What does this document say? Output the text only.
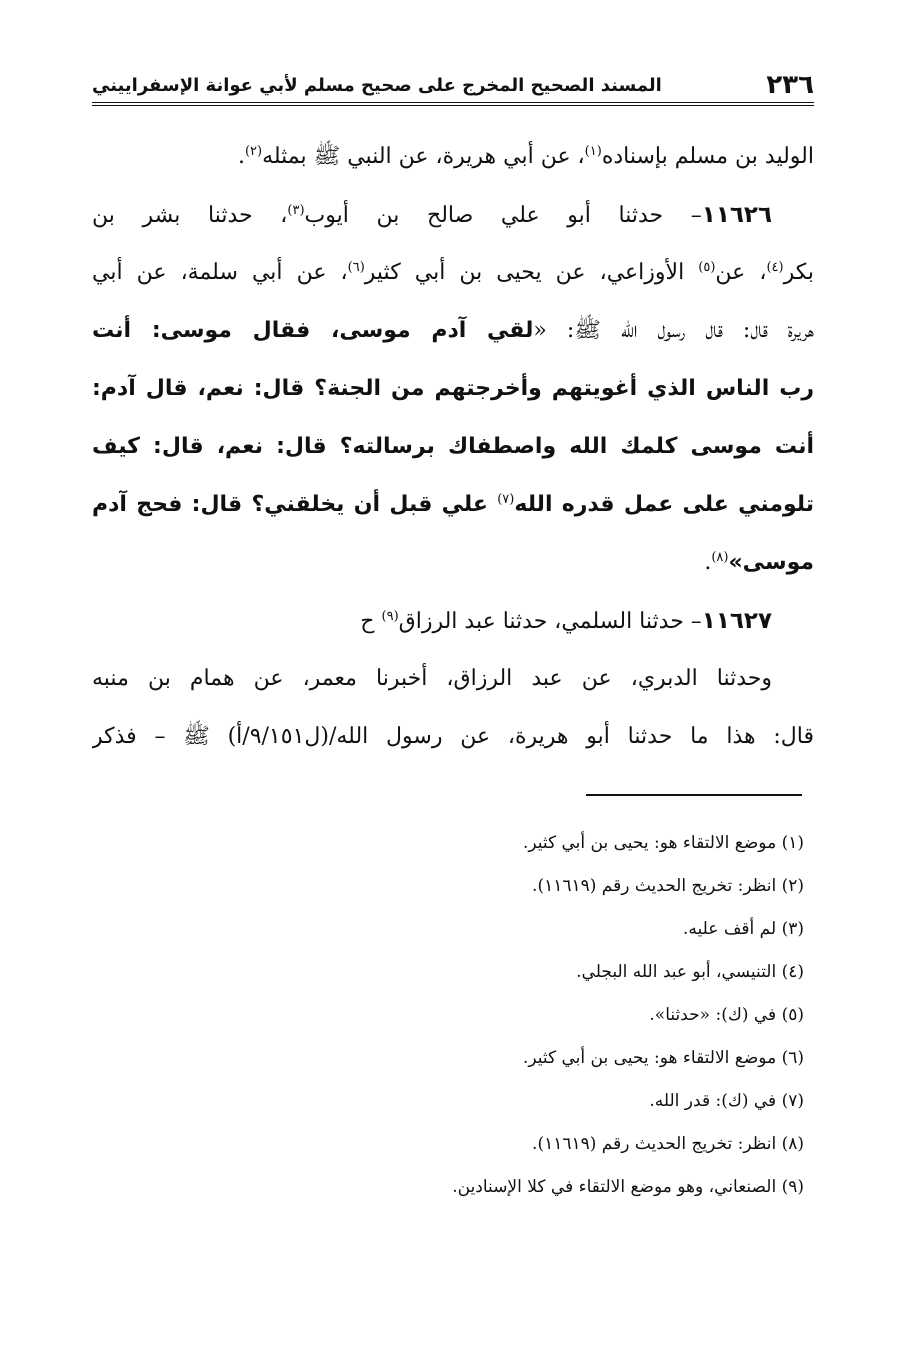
٢٣٦
المسند الصحيح المخرج على صحيح مسلم لأبي عوانة الإسفراييني
الوليد بن مسلم بإسناده$^{(١)}$، عن أبي هريرة، عن النبي ﷺ بمثله$^{(٢)}$.
١١٦٢٦– حدثنا أبو علي صالح بن أيوب$^{(٣)}$، حدثنا بشر بن
بكر$^{(٤)}$، عن$^{(٥)}$ الأوزاعي، عن يحيى بن أبي كثير$^{(٦)}$، عن أبي سلمة، عن أبي
هريرة قال: قال رسول الله ﷺ: «لقي آدم موسى، فقال موسى: أنت
رب الناس الذي أغويتهم وأخرجتهم من الجنة؟ قال: نعم، قال آدم:
أنت موسى كلمك الله واصطفاك برسالته؟ قال: نعم، قال: كيف
تلومني على عمل قدره الله$^{(٧)}$ علي قبل أن يخلقني؟ قال: فحج آدم
موسى»$^{(٨)}$.
١١٦٢٧– حدثنا السلمي، حدثنا عبد الرزاق$^{(٩)}$ ح
وحدثنا الدبري، عن عبد الرزاق، أخبرنا معمر، عن همام بن منبه
قال: هذا ما حدثنا أبو هريرة، عن رسول الله/(ل٩/١٥١/أ) ﷺ – فذكر
(١) موضع الالتقاء هو: يحيى بن أبي كثير.
(٢) انظر: تخريج الحديث رقم (١١٦١٩).
(٣) لم أقف عليه.
(٤) التنيسي، أبو عبد الله البجلي.
(٥) في (ك): «حدثنا».
(٦) موضع الالتقاء هو: يحيى بن أبي كثير.
(٧) في (ك): قدر الله.
(٨) انظر: تخريج الحديث رقم (١١٦١٩).
(٩) الصنعاني، وهو موضع الالتقاء في كلا الإسنادين.
